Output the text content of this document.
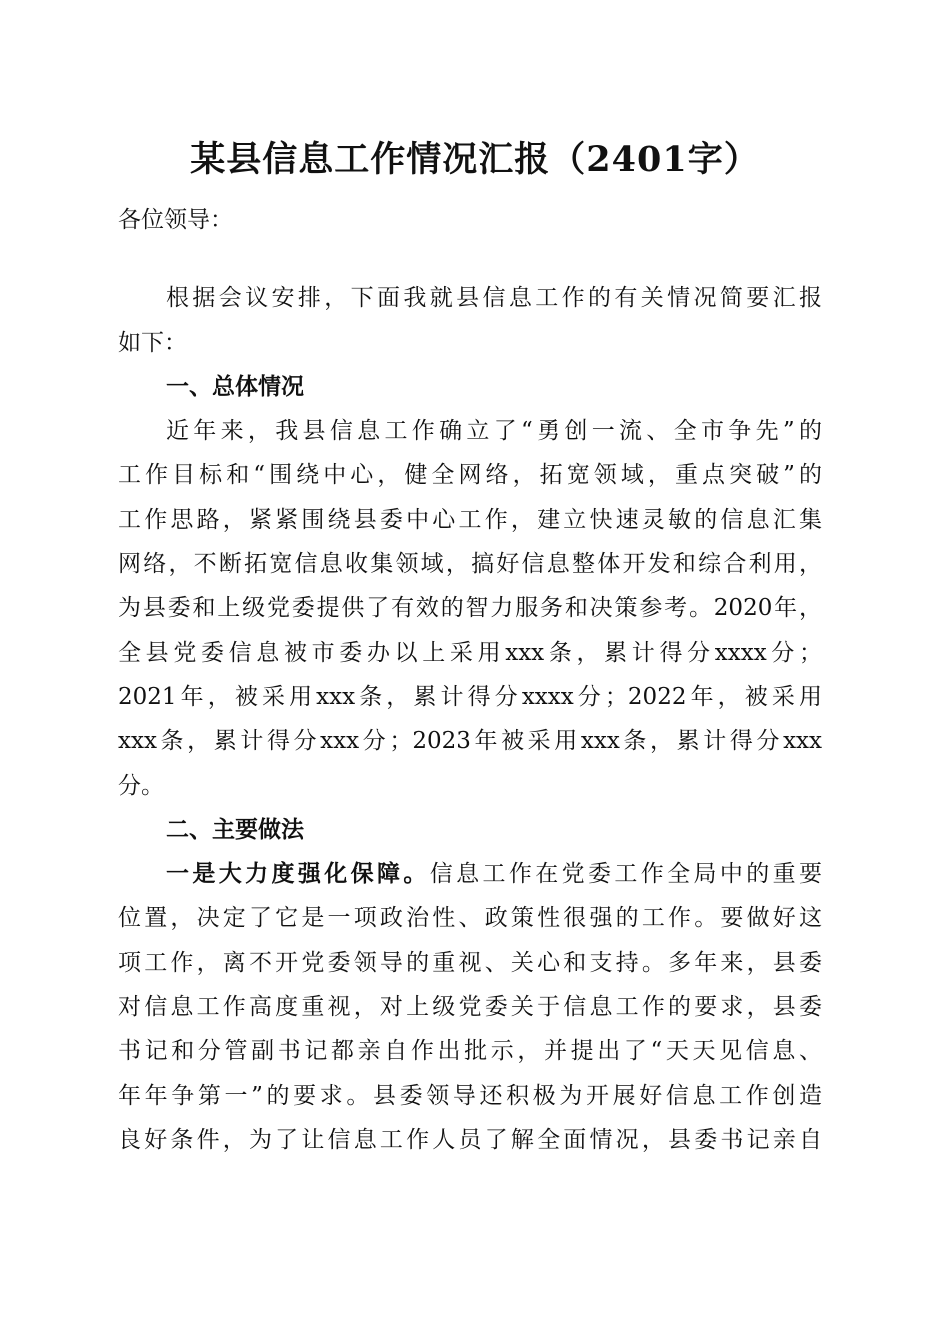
某县信息工作情况汇报（2401字）
各位领导：
根据会议安排，下面我就县信息工作的有关情况简要汇报
如下：
一、总体情况
近年来，我县信息工作确立了“勇创一流、全市争先”的
工作目标和“围绕中心，健全网络，拓宽领域，重点突破”的
工作思路，紧紧围绕县委中心工作，建立快速灵敏的信息汇集
网络，不断拓宽信息收集领域，搞好信息整体开发和综合利用，
为县委和上级党委提供了有效的智力服务和决策参考。2020年，
全县党委信息被市委办以上采用xxx条，累计得分xxxx分；
2021年，被采用xxx条，累计得分xxxx分；2022年，被采用
xxx条，累计得分xxx分；2023年被采用xxx条，累计得分xxx
分。
二、主要做法
一是大力度强化保障。信息工作在党委工作全局中的重要
位置，决定了它是一项政治性、政策性很强的工作。要做好这
项工作，离不开党委领导的重视、关心和支持。多年来，县委
对信息工作高度重视，对上级党委关于信息工作的要求，县委
书记和分管副书记都亲自作出批示，并提出了“天天见信息、
年年争第一”的要求。县委领导还积极为开展好信息工作创造
良好条件，为了让信息工作人员了解全面情况，县委书记亲自
